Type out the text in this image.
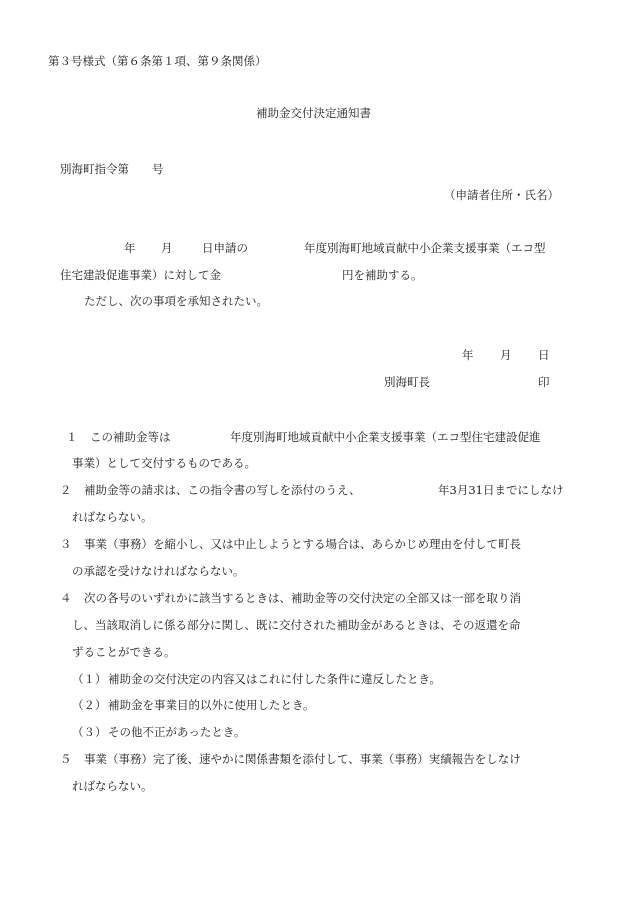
第３号様式（第６条第１項、第９条関係）
補助金交付決定通知書
別海町指令第　　号
（申請者住所・氏名）
年 月	日申請の	年度別海町地域貢献中小企業支援事業（エコ型
住宅建設促進事業）に対して金	円を補助する。
ただし、次の事項を承知されたい。
年 月 日
別海町長	印
１ この補助金等は	年度別海町地域貢献中小企業支援事業（エコ型住宅建設促進
事業）として交付するものである。
２ 補助金等の請求は、この指令書の写しを添付のうえ、	年3月31日までにしなけ
ればならない。
３ 事業（事務）を縮小し、又は中止しようとする場合は、あらかじめ理由を付して町長
の承認を受けなければならない。
４ 次の各号のいずれかに該当するときは、補助金等の交付決定の全部又は一部を取り消
し、当該取消しに係る部分に関し、既に交付された補助金があるときは、その返還を命
ずることができる。
（１） 補助金の交付決定の内容又はこれに付した条件に違反したとき。
（２） 補助金を事業目的以外に使用したとき。
（３） その他不正があったとき。
５ 事業（事務）完了後、速やかに関係書類を添付して、事業（事務）実績報告をしなけ
ればならない。
